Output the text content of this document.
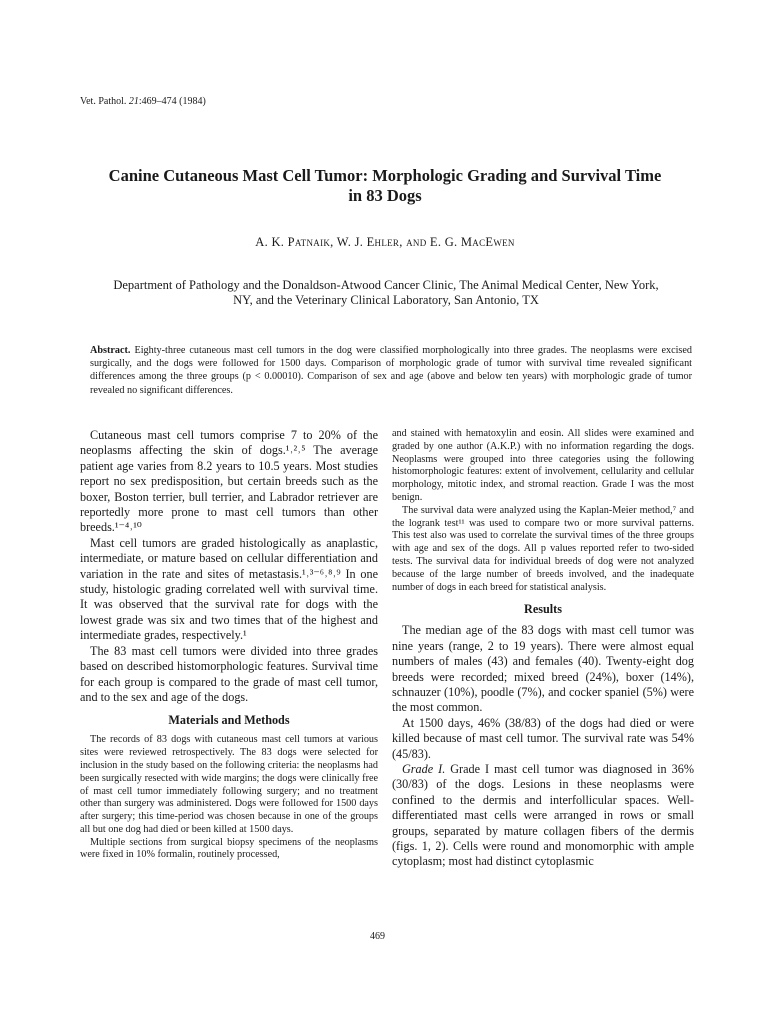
Vet. Pathol. 21:469–474 (1984)
Canine Cutaneous Mast Cell Tumor: Morphologic Grading and Survival Time
in 83 Dogs
A. K. Patnaik, W. J. Ehler, and E. G. MacEwen
Department of Pathology and the Donaldson-Atwood Cancer Clinic, The Animal Medical Center, New York,
NY, and the Veterinary Clinical Laboratory, San Antonio, TX
Abstract. Eighty-three cutaneous mast cell tumors in the dog were classified morphologically into three grades. The neoplasms were excised surgically, and the dogs were followed for 1500 days. Comparison of morphologic grade of tumor with survival time revealed significant differences among the three groups (p < 0.00010). Comparison of sex and age (above and below ten years) with morphologic grade of tumor revealed no significant differences.

Cutaneous mast cell tumors comprise 7 to 20% of the neoplasms affecting the skin of dogs.¹˒²˒⁵ The average patient age varies from 8.2 years to 10.5 years. Most studies report no sex predisposition, but certain breeds such as the boxer, Boston terrier, bull terrier, and Labrador retriever are reportedly more prone to mast cell tumors than other breeds.¹⁻⁴˒¹⁰

Mast cell tumors are graded histologically as anaplastic, intermediate, or mature based on cellular differentiation and variation in the rate and sites of metastasis.¹˒³⁻⁶˒⁸˒⁹ In one study, histologic grading correlated well with survival time. It was observed that the survival rate for dogs with the lowest grade was six and two times that of the highest and intermediate grades, respectively.¹

The 83 mast cell tumors were divided into three grades based on described histomorphologic features. Survival time for each group is compared to the grade of mast cell tumor, and to the sex and age of the dogs.

Materials and Methods

The records of 83 dogs with cutaneous mast cell tumors at various sites were reviewed retrospectively. The 83 dogs were selected for inclusion in the study based on the following criteria: the neoplasms had been surgically resected with wide margins; the dogs were clinically free of mast cell tumor immediately following surgery; and no treatment other than surgery was administered. Dogs were followed for 1500 days after surgery; this time-period was chosen because in one of the groups all but one dog had died or been killed at 1500 days.

Multiple sections from surgical biopsy specimens of the neoplasms were fixed in 10% formalin, routinely processed,

and stained with hematoxylin and eosin. All slides were examined and graded by one author (A.K.P.) with no information regarding the dogs. Neoplasms were grouped into three categories using the following histomorphologic features: extent of involvement, cellularity and cellular morphology, mitotic index, and stromal reaction. Grade I was the most benign.

The survival data were analyzed using the Kaplan-Meier method,⁷ and the logrank test¹¹ was used to compare two or more survival patterns. This test also was used to correlate the survival times of the three groups with age and sex of the dogs. All p values reported refer to two-sided tests. The survival data for individual breeds of dog were not analyzed because of the large number of breeds involved, and the inadequate number of dogs in each breed for statistical analysis.

Results

The median age of the 83 dogs with mast cell tumor was nine years (range, 2 to 19 years). There were almost equal numbers of males (43) and females (40). Twenty-eight dog breeds were recorded; mixed breed (24%), boxer (14%), schnauzer (10%), poodle (7%), and cocker spaniel (5%) were the most common.

At 1500 days, 46% (38/83) of the dogs had died or were killed because of mast cell tumor. The survival rate was 54% (45/83).

Grade I. Grade I mast cell tumor was diagnosed in 36% (30/83) of the dogs. Lesions in these neoplasms were confined to the dermis and interfollicular spaces. Well-differentiated mast cells were arranged in rows or small groups, separated by mature collagen fibers of the dermis (figs. 1, 2). Cells were round and monomorphic with ample cytoplasm; most had distinct cytoplasmic

469
